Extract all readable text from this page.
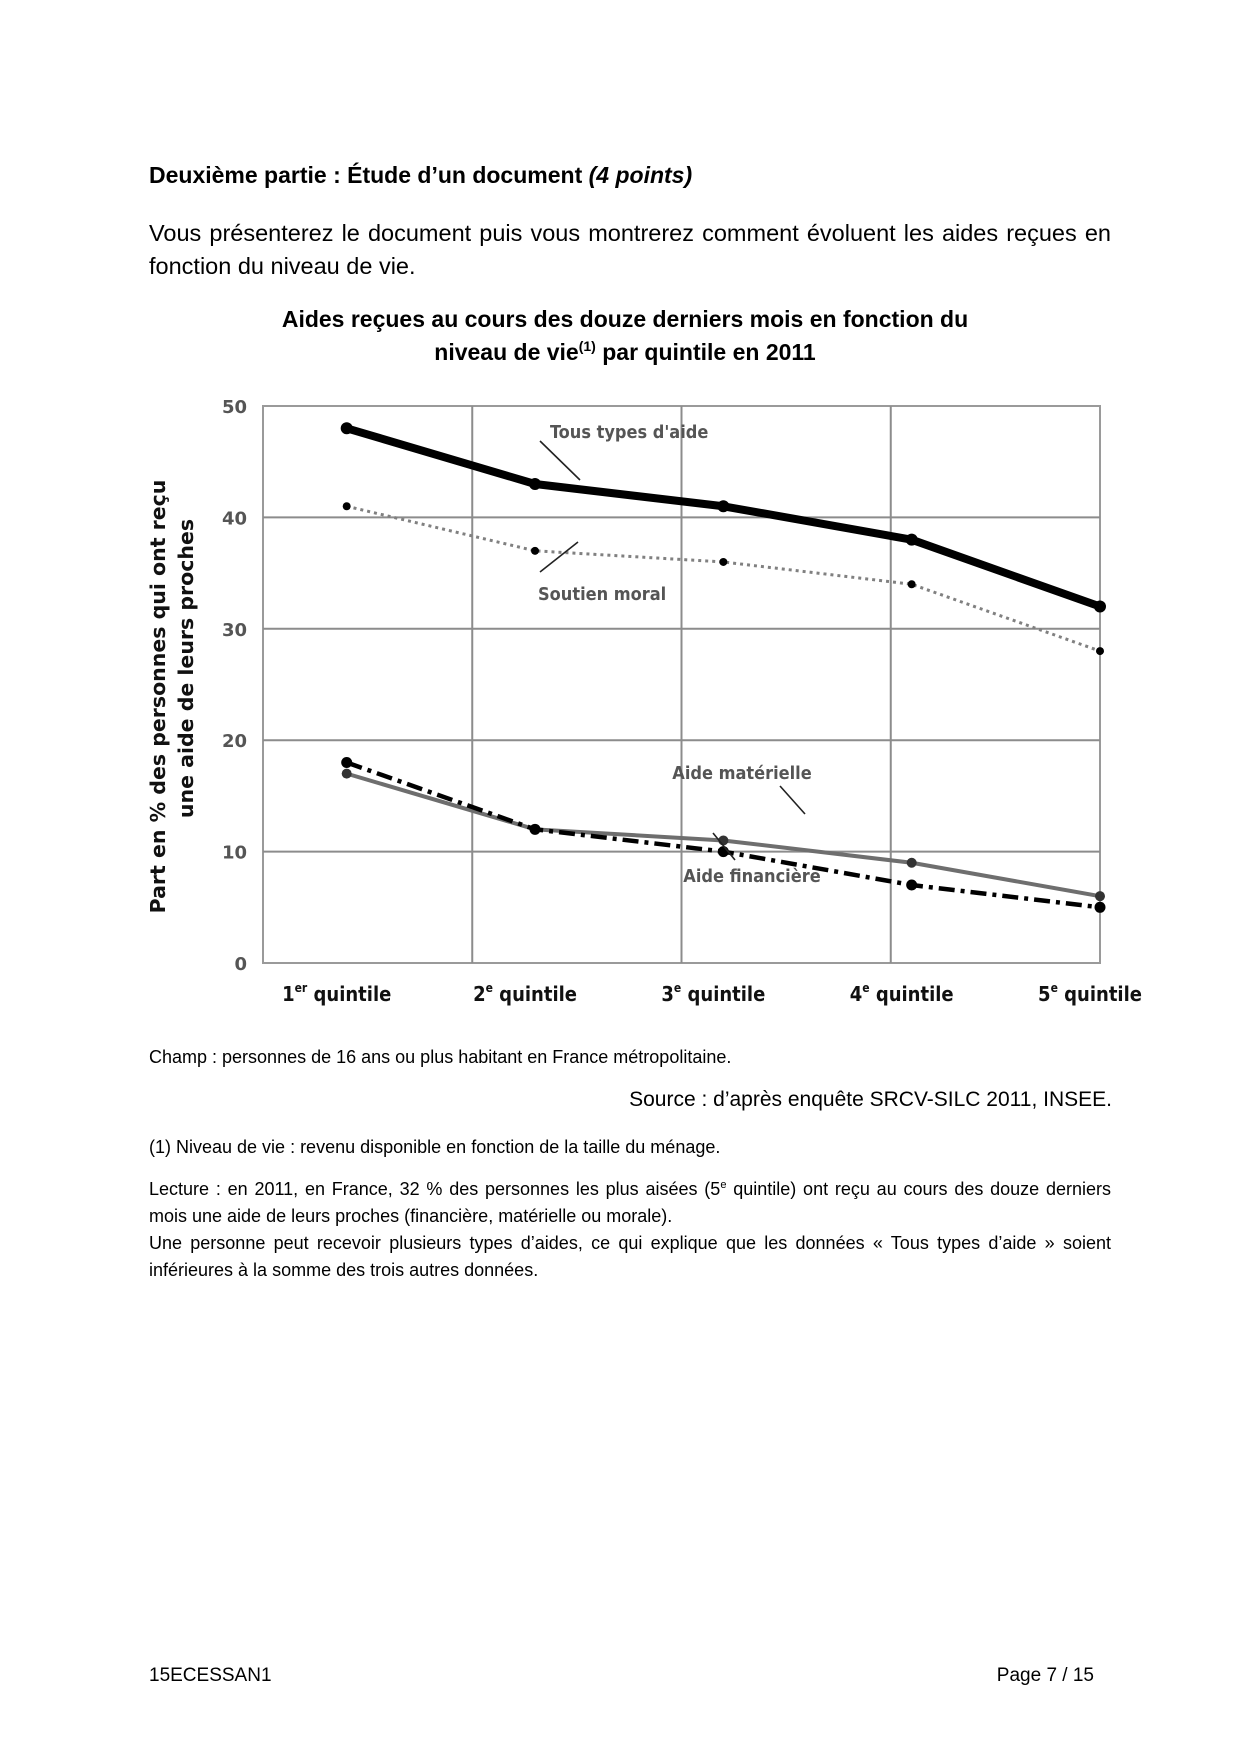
Deuxième partie : Étude d’un document (4 points)
Vous présenterez le document puis vous montrerez comment évoluent les aides reçues en fonction du niveau de vie.
Aides reçues au cours des douze derniers mois en fonction du
niveau de vie$^{(1)}$ par quintile en 2011
0
10
20
30
40
50
1er quintile	2e quintile	3e quintile	4e quintile	5e quintile
Part en % des personnes qui ont reçu une aide de leurs proches
Tous types d'aide
Soutien moral
Aide matérielle
Aide financière
Champ : personnes de 16 ans ou plus habitant en France métropolitaine.
Source : d’après enquête SRCV-SILC 2011, INSEE.
(1) Niveau de vie : revenu disponible en fonction de la taille du ménage.
Lecture : en 2011, en France, 32 % des personnes les plus aisées (5e quintile) ont reçu au cours des douze derniers mois une aide de leurs proches (financière, matérielle ou morale).
Une personne peut recevoir plusieurs types d’aides, ce qui explique que les données « Tous types d’aide » soient inférieures à la somme des trois autres données.
15ECESSAN1	Page 7 / 15
